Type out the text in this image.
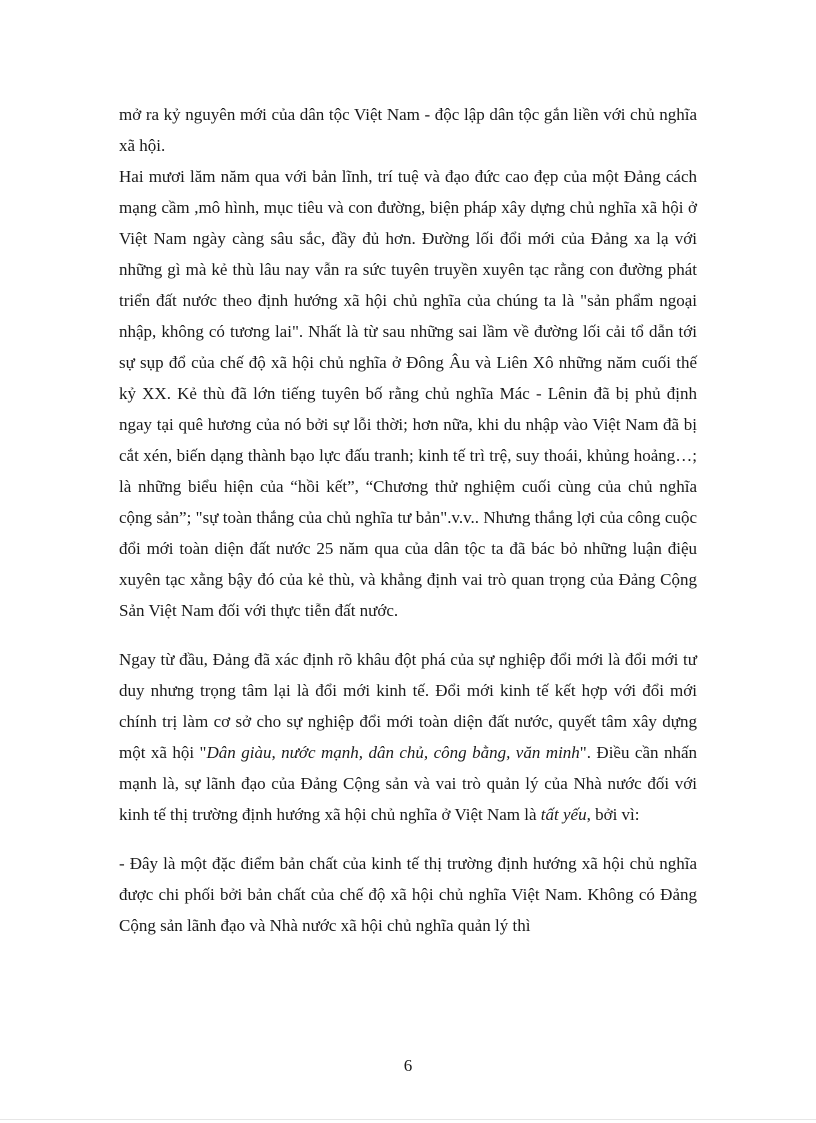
mở ra kỷ nguyên mới của dân tộc Việt Nam - độc lập dân tộc gắn liền với chủ nghĩa xã hội.

Hai mươi lăm năm qua với bản lĩnh, trí tuệ và đạo đức cao đẹp của một Đảng cách mạng cầm ,mô hình, mục tiêu và con đường, biện pháp xây dựng chủ nghĩa xã hội ở Việt Nam ngày càng sâu sắc, đầy đủ hơn. Đường lối đổi mới của Đảng xa lạ với những gì mà kẻ thù lâu nay vẫn ra sức tuyên truyền xuyên tạc rằng con đường phát triển đất nước theo định hướng xã hội chủ nghĩa của chúng ta là "sản phẩm ngoại nhập, không có tương lai". Nhất là từ sau những sai lầm về đường lối cải tổ dẫn tới sự sụp đổ của chế độ xã hội chủ nghĩa ở Đông Âu và Liên Xô những năm cuối thế kỷ XX. Kẻ thù đã lớn tiếng tuyên bố rằng chủ nghĩa Mác - Lênin đã bị phủ định ngay tại quê hương của nó bởi sự lỗi thời; hơn nữa, khi du nhập vào Việt Nam đã bị cắt xén, biến dạng thành bạo lực đấu tranh; kinh tế trì trệ, suy thoái, khủng hoảng…; là những biểu hiện của “hồi kết”, “Chương thử nghiệm cuối cùng của chủ nghĩa cộng sản”; "sự toàn thắng của chủ nghĩa tư bản".v.v.. Nhưng thắng lợi của công cuộc đổi mới toàn diện đất nước 25 năm qua của dân tộc ta đã bác bỏ những luận điệu xuyên tạc xằng bậy đó của kẻ thù, và khẳng định vai trò quan trọng của Đảng Cộng Sản Việt Nam đối với thực tiễn đất nước.

Ngay từ đầu, Đảng đã xác định rõ khâu đột phá của sự nghiệp đổi mới là đổi mới tư duy nhưng trọng tâm lại là đổi mới kinh tế. Đổi mới kinh tế kết hợp với đổi mới chính trị làm cơ sở cho sự nghiệp đổi mới toàn diện đất nước, quyết tâm xây dựng một xã hội "Dân giàu, nước mạnh, dân chủ, công bằng, văn minh". Điều cần nhấn mạnh là, sự lãnh đạo của Đảng Cộng sản và vai trò quản lý của Nhà nước đối với kinh tế thị trường định hướng xã hội chủ nghĩa ở Việt Nam là tất yếu, bởi vì:

- Đây là một đặc điểm bản chất của kinh tế thị trường định hướng xã hội chủ nghĩa được chi phối bởi bản chất của chế độ xã hội chủ nghĩa Việt Nam. Không có Đảng Cộng sản lãnh đạo và Nhà nước xã hội chủ nghĩa quản lý thì

6
